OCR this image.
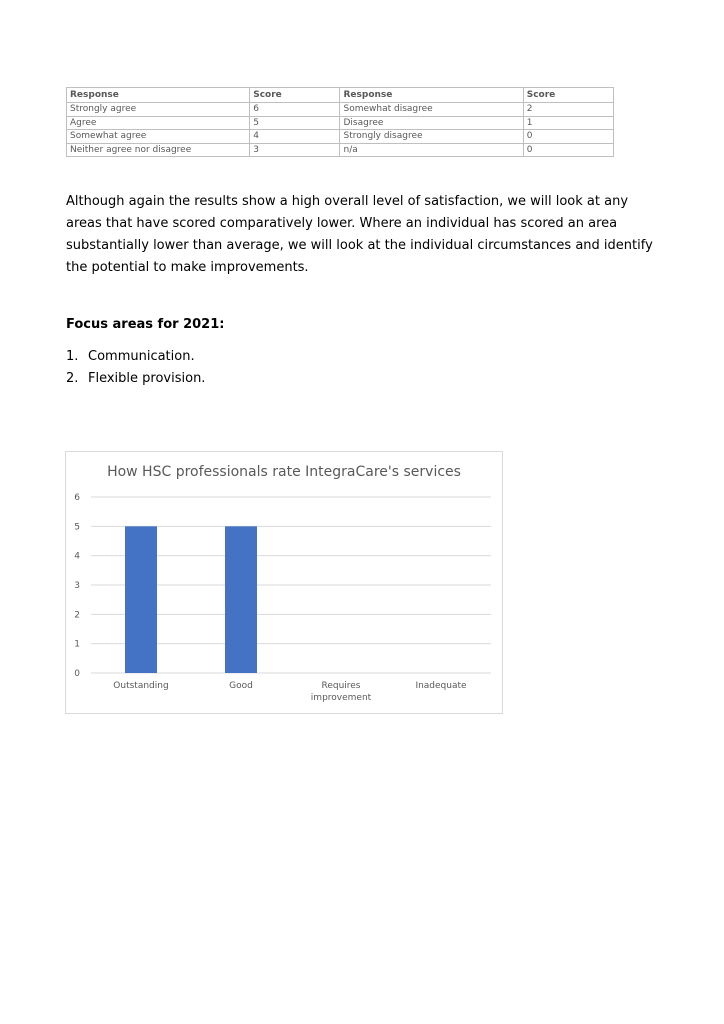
Response	Score	Response	Score
Strongly agree	6	Somewhat disagree	2
Agree	5	Disagree	1
Somewhat agree	4	Strongly disagree	0
Neither agree nor disagree	3	n/a	0

Although again the results show a high overall level of satisfaction, we will look at any areas that have scored comparatively lower. Where an individual has scored an area substantially lower than average, we will look at the individual circumstances and identify the potential to make improvements.

Focus areas for 2021:

1. Communication.
2. Flexible provision.
How HSC professionals rate IntegraCare's services
0
1
2
3
4
5
6
Outstanding	Good	Requires improvement
Inadequate
